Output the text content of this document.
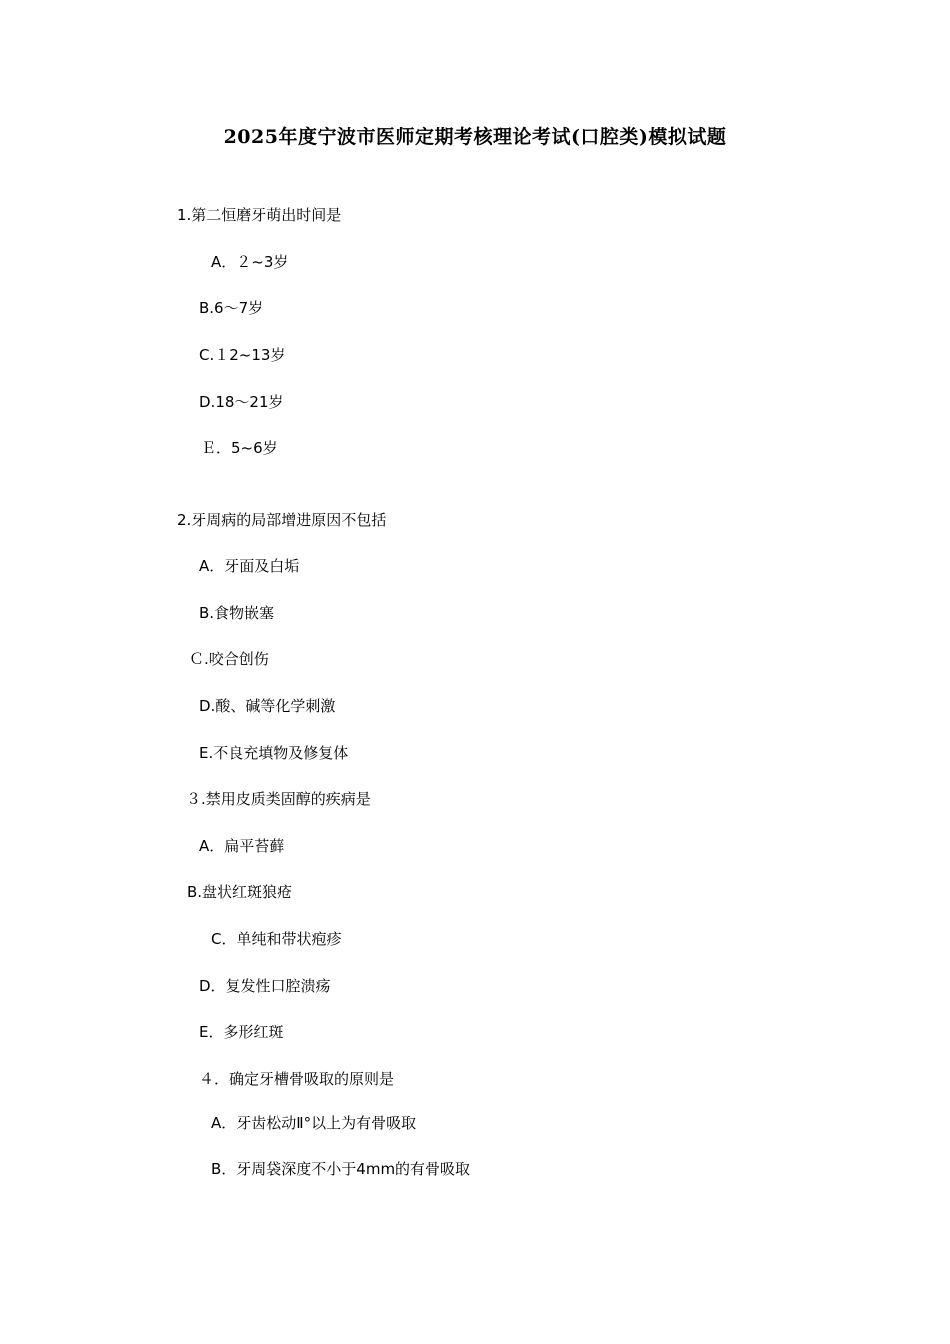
2025年度宁波市医师定期考核理论考试(口腔类)模拟试题
1.第二恒磨牙萌出时间是
A．２~3岁
B.6～7岁
C.１2~13岁
D.18～21岁
Ｅ．5~6岁
2.牙周病的局部增进原因不包括
A．牙面及白垢
B.食物嵌塞
Ｃ.咬合创伤
D.酸、碱等化学刺激
E.不良充填物及修复体
３.禁用皮质类固醇的疾病是
A．扁平苔藓
B.盘状红斑狼疮
C．单纯和带状疱疹
D．复发性口腔溃疡
E．多形红斑
４．确定牙槽骨吸取的原则是
A．牙齿松动Ⅱ°以上为有骨吸取
B．牙周袋深度不小于4mm的有骨吸取
